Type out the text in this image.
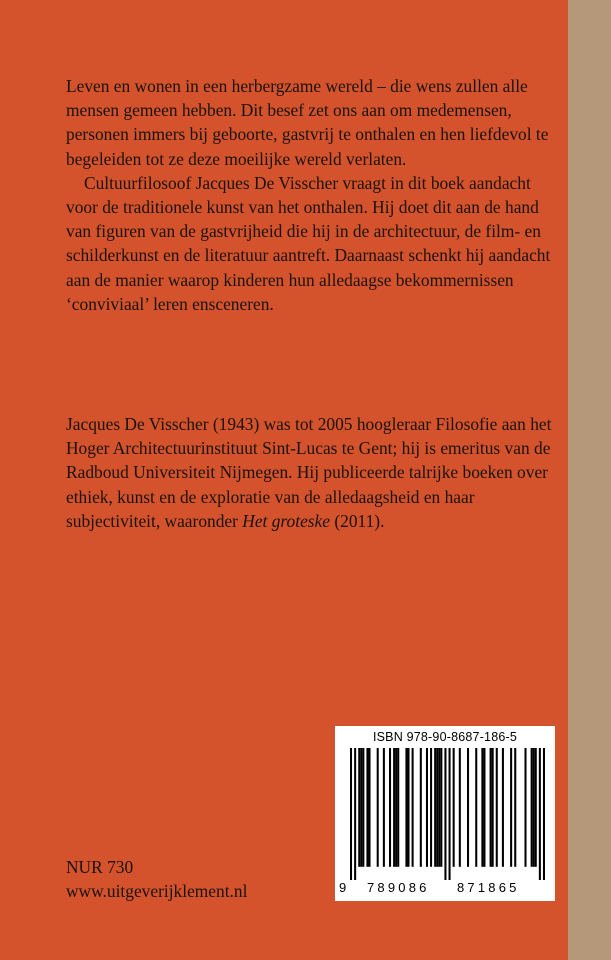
Leven en wonen in een herbergzame wereld – die wens zullen alle mensen gemeen hebben. Dit besef zet ons aan om medemensen, personen immers bij geboorte, gastvrij te onthalen en hen liefdevol te begeleiden tot ze deze moeilijke wereld verlaten.

Cultuurfilosoof Jacques De Visscher vraagt in dit boek aandacht voor de traditionele kunst van het onthalen. Hij doet dit aan de hand van figuren van de gastvrijheid die hij in de architectuur, de film- en schilderkunst en de literatuur aantreft. Daarnaast schenkt hij aandacht aan de manier waarop kinderen hun alledaagse bekommernissen ‘conviviaal’ leren ensceneren.

Jacques De Visscher (1943) was tot 2005 hoogleraar Filosofie aan het Hoger Architectuurinstituut Sint-Lucas te Gent; hij is emeritus van de Radboud Universiteit Nijmegen. Hij publiceerde talrijke boeken over ethiek, kunst en de exploratie van de alledaagsheid en haar subjectiviteit, waaronder Het groteske (2011).

NUR 730
www.uitgeverijklement.nl
ISBN 978-90-8687-186-5
9 789086 871865
